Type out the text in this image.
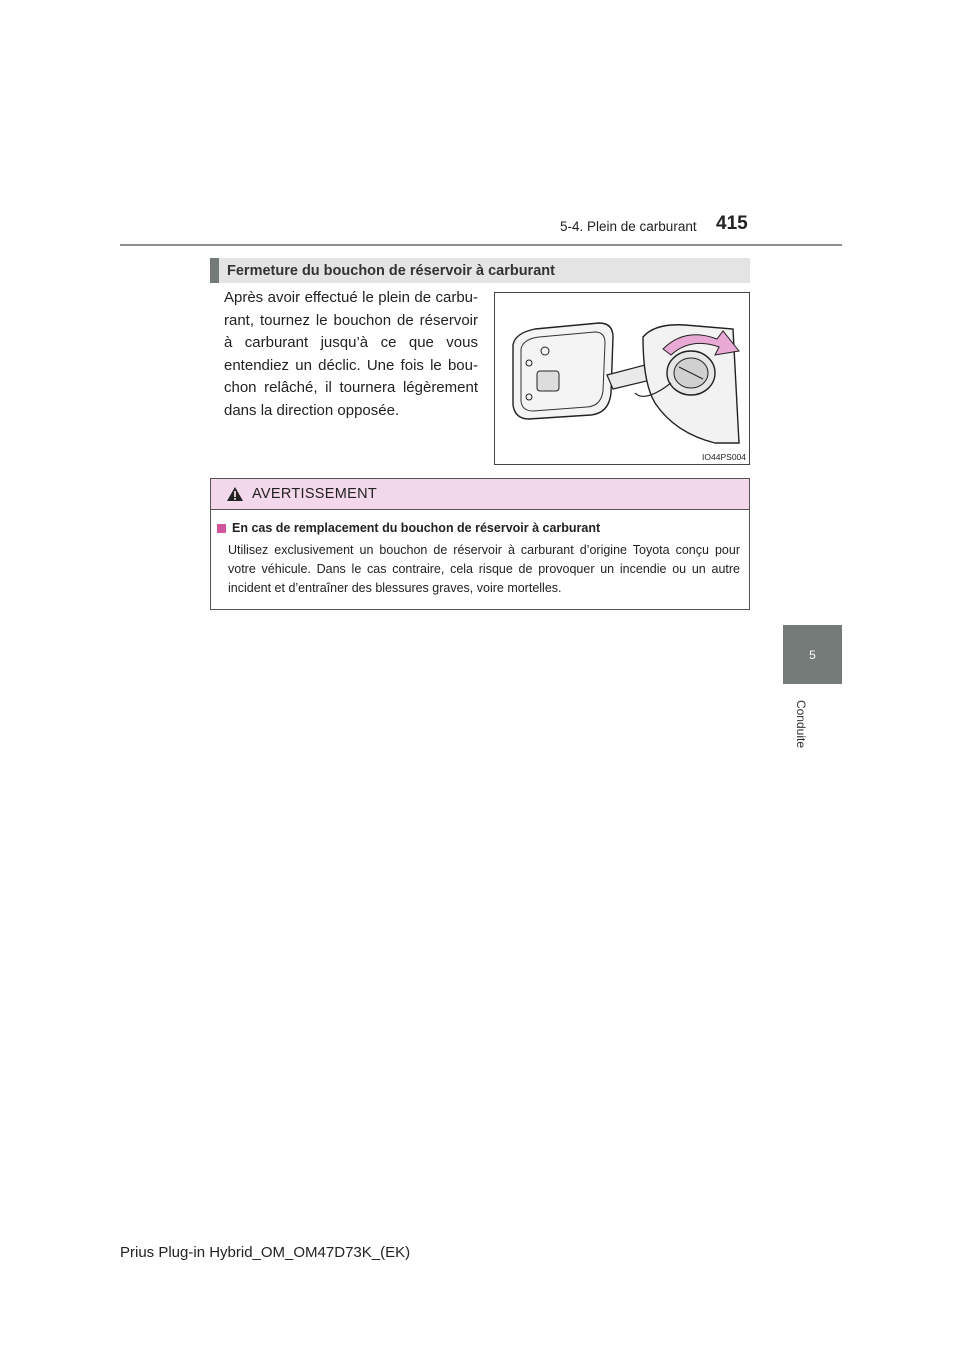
5-4. Plein de carburant 415
5
Conduite
Fermeture du bouchon de réservoir à carburant
Après avoir effectué le plein de carbu-rant, tournez le bouchon de réservoir à carburant jusqu’à ce que vous entendiez un déclic. Une fois le bou-chon relâché, il tournera légèrement dans la direction opposée.
IO44PS004
AVERTISSEMENT
En cas de remplacement du bouchon de réservoir à carburant
Utilisez exclusivement un bouchon de réservoir à carburant d’origine Toyota conçu pour votre véhicule. Dans le cas contraire, cela risque de provoquer un incendie ou un autre incident et d’entraîner des blessures graves, voire mortelles.
Prius Plug-in Hybrid_OM_OM47D73K_(EK)
